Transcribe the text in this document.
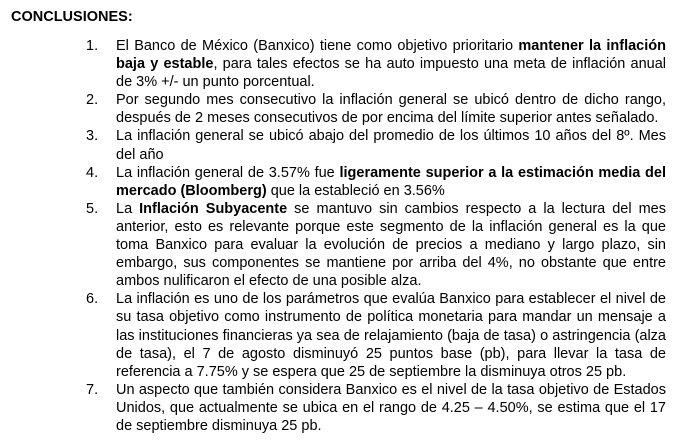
CONCLUSIONES:

1.	El Banco de México (Banxico) tiene como objetivo prioritario mantener la inflación baja y estable, para tales efectos se ha auto impuesto una meta de inflación anual de 3% +/- un punto porcentual.
2.	Por segundo mes consecutivo la inflación general se ubicó dentro de dicho rango, después de 2 meses consecutivos de por encima del límite superior antes señalado.
3.	La inflación general se ubicó abajo del promedio de los últimos 10 años del 8º. Mes del año
4.	La inflación general de 3.57% fue ligeramente superior a la estimación media del mercado (Bloomberg) que la estableció en 3.56%
5.	La Inflación Subyacente se mantuvo sin cambios respecto a la lectura del mes anterior, esto es relevante porque este segmento de la inflación general es la que toma Banxico para evaluar la evolución de precios a mediano y largo plazo, sin embargo, sus componentes se mantiene por arriba del 4%, no obstante que entre ambos nulificaron el efecto de una posible alza.
6.	La inflación es uno de los parámetros que evalúa Banxico para establecer el nivel de su tasa objetivo como instrumento de política monetaria para mandar un mensaje a las instituciones financieras ya sea de relajamiento (baja de tasa) o astringencia (alza de tasa), el 7 de agosto disminuyó 25 puntos base (pb), para llevar la tasa de referencia a 7.75% y se espera que 25 de septiembre la disminuya otros 25 pb.
7.	Un aspecto que también considera Banxico es el nivel de la tasa objetivo de Estados Unidos, que actualmente se ubica en el rango de 4.25 – 4.50%, se estima que el 17 de septiembre disminuya 25 pb.
